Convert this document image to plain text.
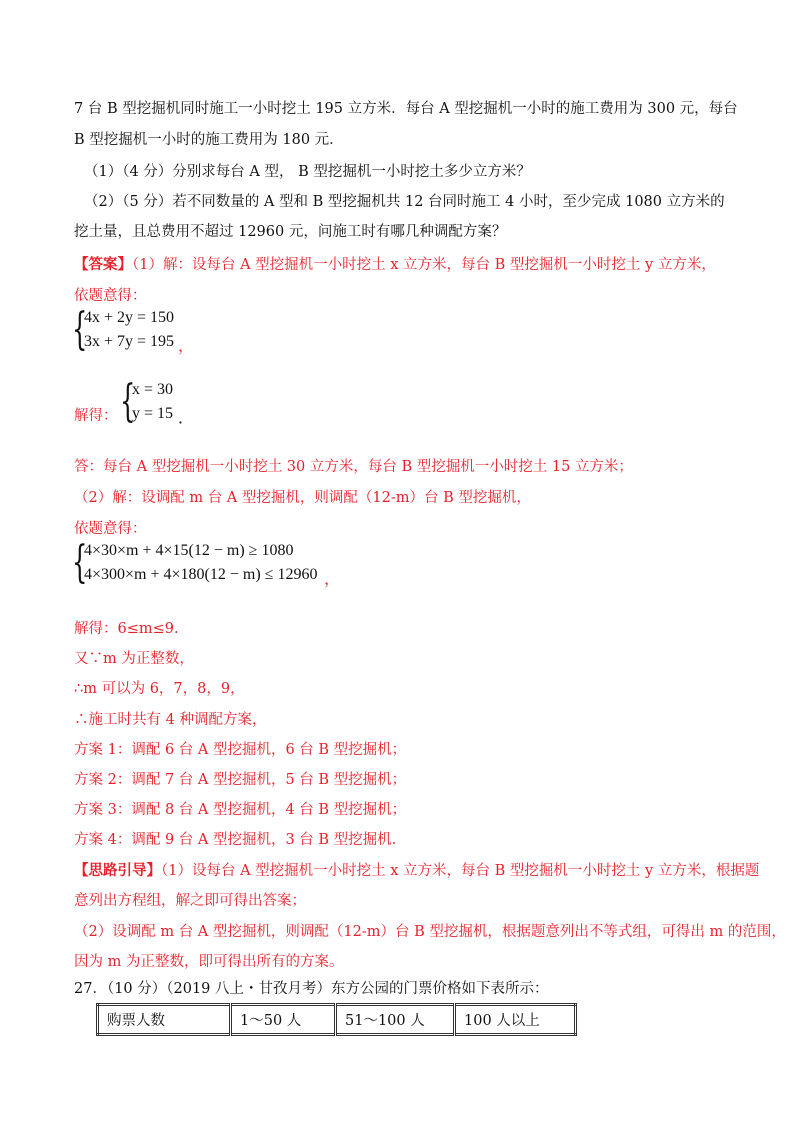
7 台 B 型挖掘机同时施工一小时挖土 195 立方米．每台 A 型挖掘机一小时的施工费用为 300 元，每台
B 型挖掘机一小时的施工费用为 180 元．
（1）（4 分）分别求每台 A 型， B 型挖掘机一小时挖土多少立方米？
（2）（5 分）若不同数量的 A 型和 B 型挖掘机共 12 台同时施工 4 小时，至少完成 1080 立方米的
挖土量，且总费用不超过 12960 元，问施工时有哪几种调配方案？
【答案】（1）解：设每台 A 型挖掘机一小时挖土 x 立方米，每台 B 型挖掘机一小时挖土 y 立方米，
依题意得：
{
4x + 2y = 150
3x + 7y = 195 ，
解得： {
x = 30
y = 15 ．
答：每台 A 型挖掘机一小时挖土 30 立方米，每台 B 型挖掘机一小时挖土 15 立方米；
（2）解：设调配 m 台 A 型挖掘机，则调配（12-m）台 B 型挖掘机，
依题意得：
{
4×30×m + 4×15(12 − m) ≥ 1080
4×300×m + 4×180(12 − m) ≤ 12960 ，
解得：6≤m≤9.
又∵m 为正整数，
∴m 可以为 6，7，8，9，
∴施工时共有 4 种调配方案，
方案 1：调配 6 台 A 型挖掘机，6 台 B 型挖掘机；
方案 2：调配 7 台 A 型挖掘机，5 台 B 型挖掘机；
方案 3：调配 8 台 A 型挖掘机，4 台 B 型挖掘机；
方案 4：调配 9 台 A 型挖掘机，3 台 B 型挖掘机.
【思路引导】（1）设每台 A 型挖掘机一小时挖土 x 立方米，每台 B 型挖掘机一小时挖土 y 立方米，根据题
意列出方程组，解之即可得出答案；
（2）设调配 m 台 A 型挖掘机，则调配（12-m）台 B 型挖掘机，根据题意列出不等式组，可得出 m 的范围，
因为 m 为正整数，即可得出所有的方案。
27．（10 分）（2019 八上・甘孜月考）东方公园的门票价格如下表所示：
购票人数	1～50 人	51～100 人	100 人以上
